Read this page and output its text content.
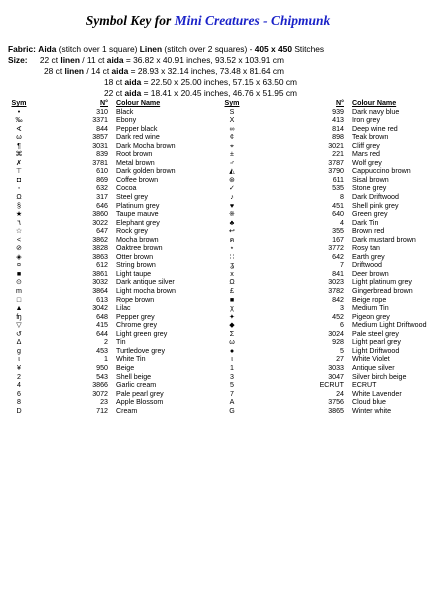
Symbol Key for Mini Creatures - Chipmunk
Fabric: Aida (stitch over 1 square) Linen (stitch over 2 squares) - 405 x 450 Stitches
Size: 22 ct linen / 11 ct aida = 36.82 x 40.91 inches, 93.52 x 103.91 cm
28 ct linen / 14 ct aida = 28.93 x 32.14 inches, 73.48 x 81.64 cm
18 ct aida = 22.50 x 25.00 inches, 57.15 x 63.50 cm
22 ct aida = 18.41 x 20.45 inches, 46.76 x 51.95 cm
Sym	N°	Colour Name
•	310	Black
‰	3371	Ebony
∢	844	Pepper black
ω	3857	Dark red wine
¶	3031	Dark Mocha brown
⌘	839	Root brown
✗	3781	Metal brown
⊤	610	Dark golden brown
◘	869	Coffee brown
◦	632	Cocoa
Ω	317	Steel grey
§	646	Platinum grey
★	3860	Taupe mauve
٦	3022	Elephant grey
☆	647	Rock grey
<	3862	Mocha brown
⊘	3828	Oaktree brown
◈	3863	Otter brown
¤	612	String brown
■	3861	Light taupe
⊙	3032	Dark antique silver
m	3864	Light mocha brown
□	613	Rope brown
▲	3042	Lilac
ʩ	648	Pepper grey
▽	415	Chrome grey
↺	644	Light green grey
Δ	2	Tin
g	453	Turtledove grey
ι	1	White Tin
¥	950	Beige
2	543	Shell beige
4	3866	Garlic cream
6	3072	Pale pearl grey
8	23	Apple Blossom
D	712	Cream
Sym	N°	Colour Name
S	939	Dark navy blue
X	413	Iron grey
∞	814	Deep wine red
¢	898	Teak brown
⌖	3021	Cliff grey
±	221	Mars red
♂	3787	Wolf grey
◭	3790	Cappuccino brown
⊛	611	Sisal brown
✓	535	Stone grey
♪	8	Dark Driftwood
♥	451	Shell pink grey
※	640	Green grey
♣	4	Dark Tin
↩	355	Brown red
ฅ	167	Dark mustard brown
⋆	3772	Rosy tan
∷	642	Earth grey
ʓ	7	Driftwood
x	841	Deer brown
Ω	3023	Light platinum grey
£	3782	Gingerbread brown
■	842	Beige rope
χ	3	Medium Tin
✦	452	Pigeon grey
◆	6	Medium Light Driftwood
Σ	3024	Pale steel grey
ω	928	Light pearl grey
●	5	Light Driftwood
ι	27	White Violet
1	3033	Antique silver
3	3047	Silver birch beige
5	ECRUT	ECRUT
7	24	White Lavender
A	3756	Cloud blue
G	3865	Winter white
